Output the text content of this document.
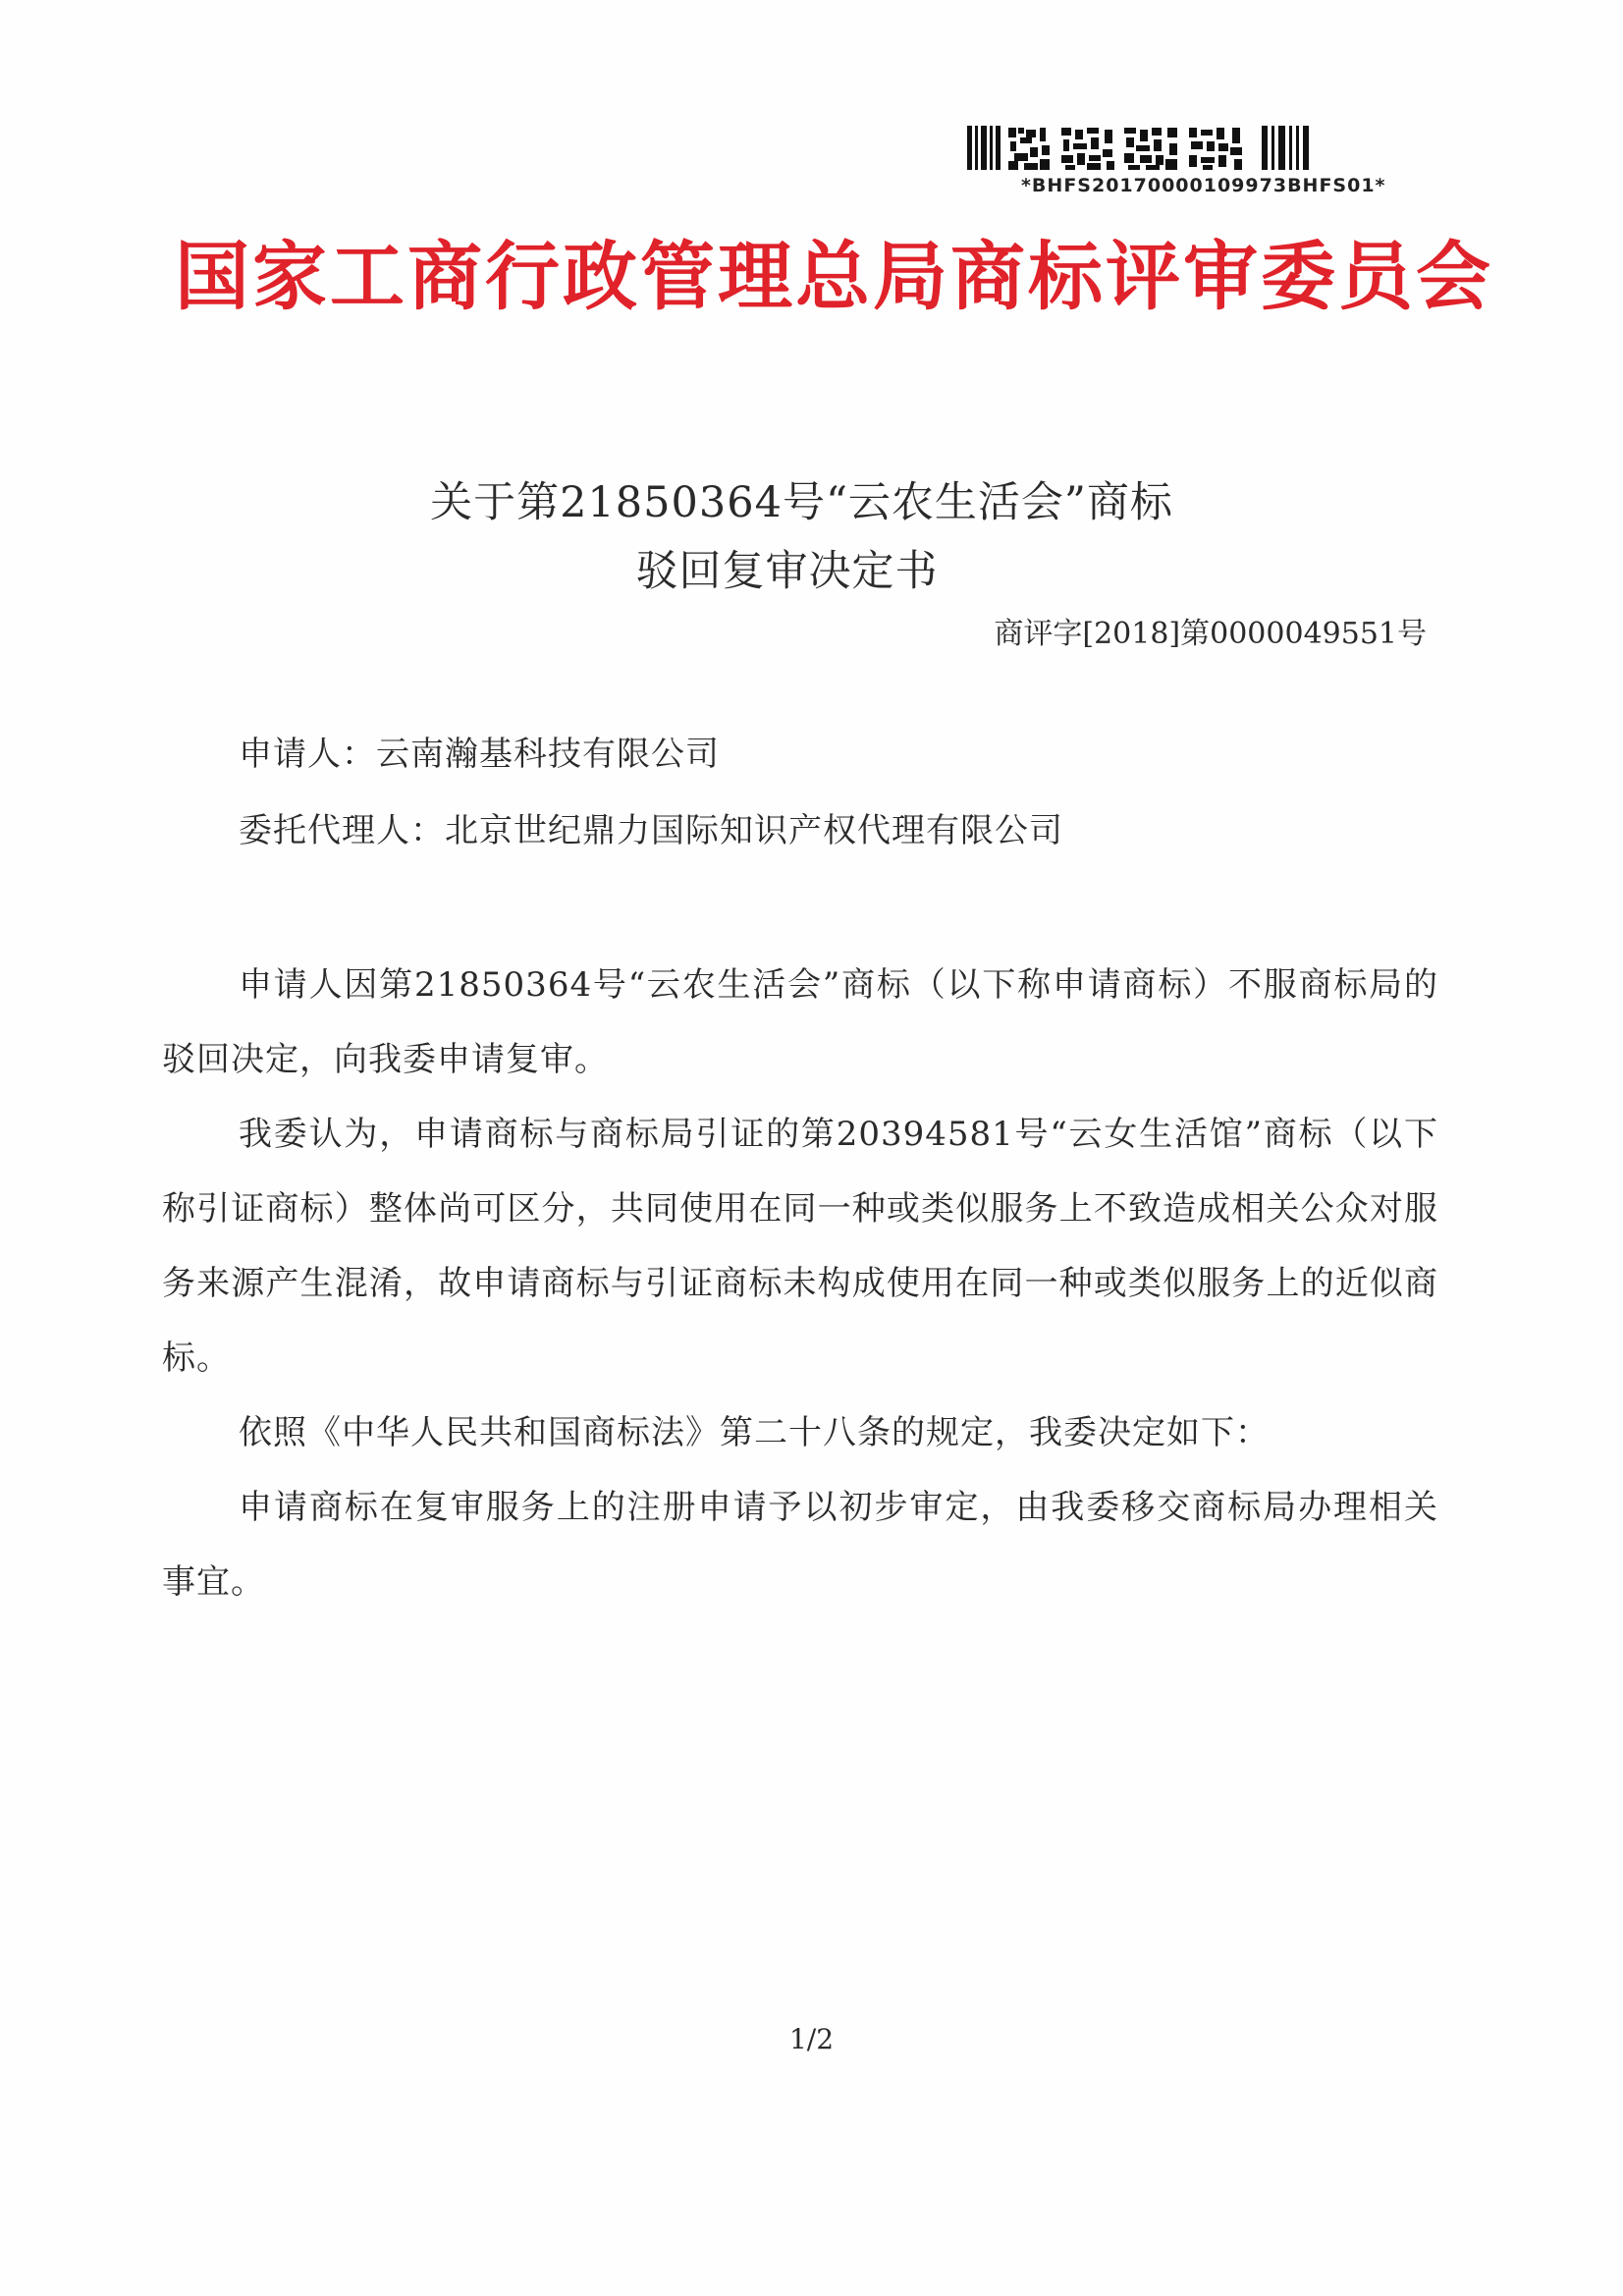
*BHFS20170000109973BHFS01*
国家工商行政管理总局商标评审委员会
关于第21850364号“云农生活会”商标
驳回复审决定书
商评字[2018]第0000049551号
申请人：云南瀚基科技有限公司
委托代理人：北京世纪鼎力国际知识产权代理有限公司

申请人因第21850364号“云农生活会”商标（以下称申请商标）不服商标局的驳回决定，向我委申请复审。

我委认为，申请商标与商标局引证的第20394581号“云女生活馆”商标（以下称引证商标）整体尚可区分，共同使用在同一种或类似服务上不致造成相关公众对服务来源产生混淆，故申请商标与引证商标未构成使用在同一种或类似服务上的近似商标。

依照《中华人民共和国商标法》第二十八条的规定，我委决定如下：

申请商标在复审服务上的注册申请予以初步审定，由我委移交商标局办理相关事宜。

1/2
